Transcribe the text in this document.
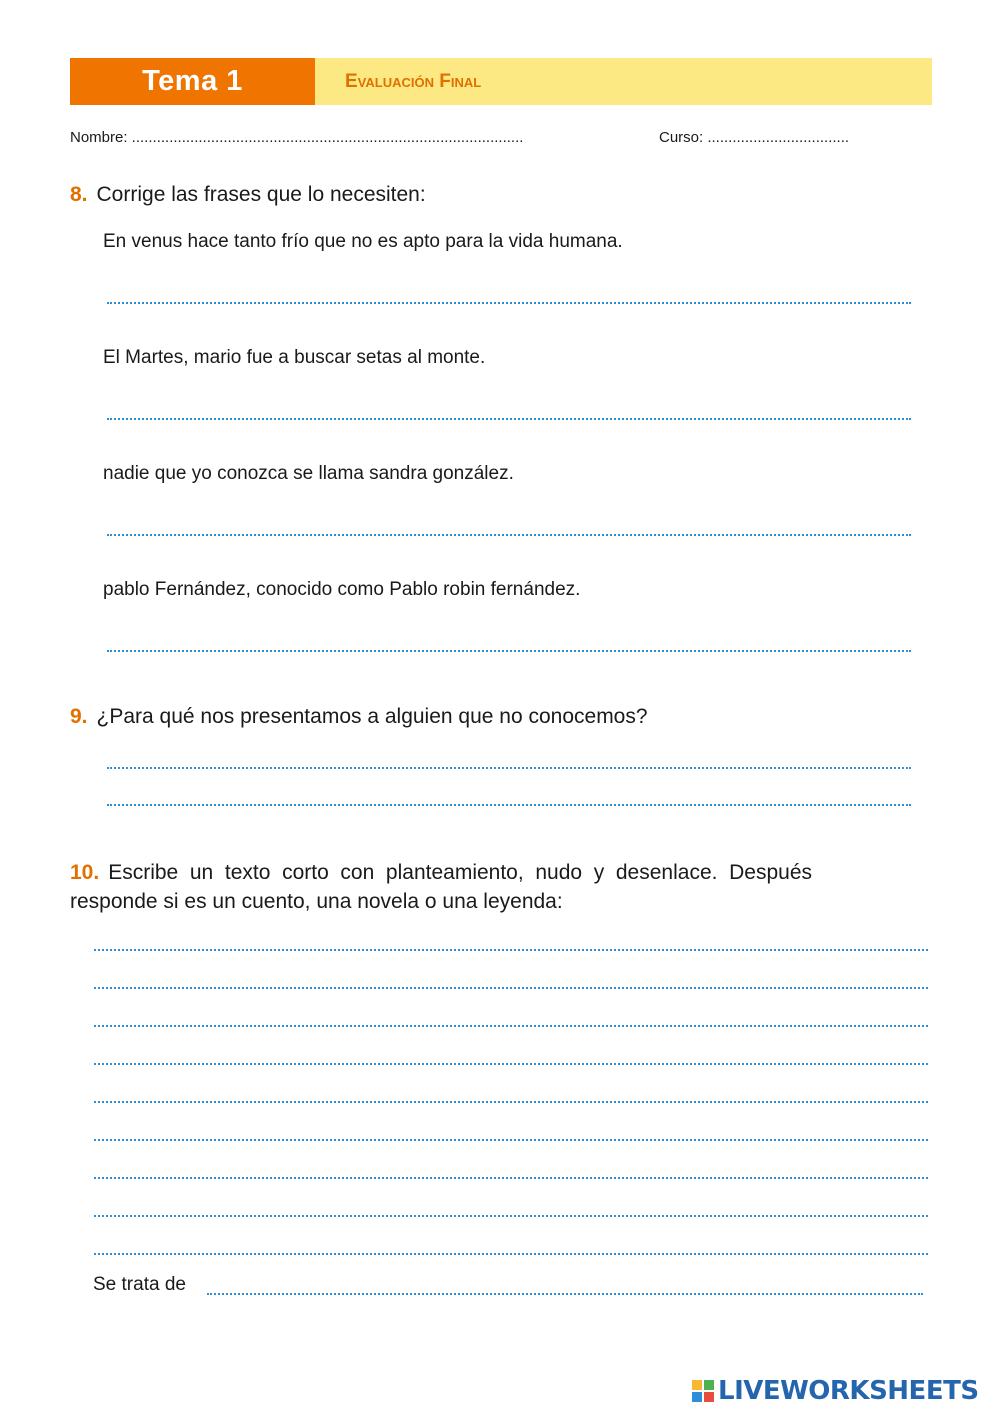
Tema 1	Evaluación Final
Nombre: ..............................................................................................	Curso: ..................................
8. Corrige las frases que lo necesiten:
En venus hace tanto frío que no es apto para la vida humana.
El Martes, mario fue a buscar setas al monte.
nadie que yo conozca se llama sandra gonzález.
pablo Fernández, conocido como Pablo robin fernández.
9. ¿Para qué nos presentamos a alguien que no conocemos?
10. Escribe un texto corto con planteamiento, nudo y desenlace. Después responde si es un cuento, una novela o una leyenda:
Se trata de
LIVEWORKSHEETS
